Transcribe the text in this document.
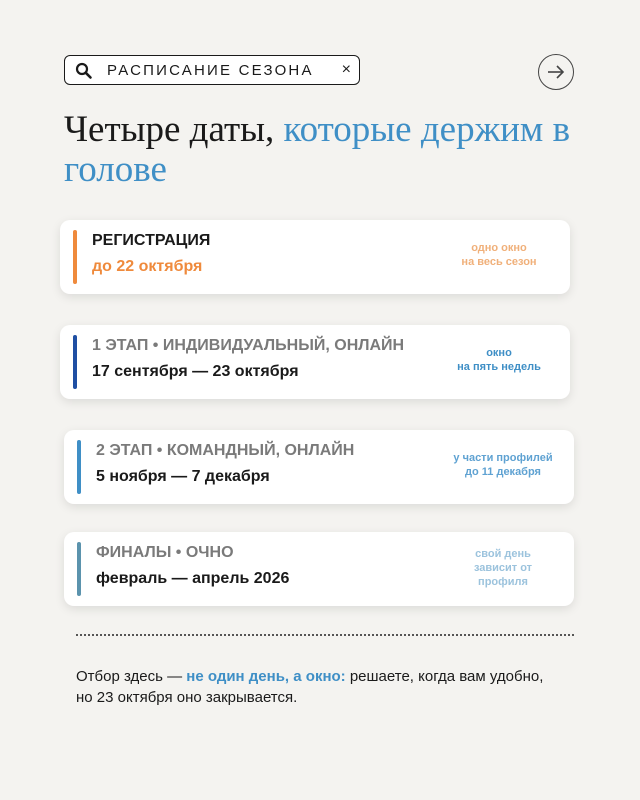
РАСПИСАНИЕ СЕЗОНА ×
Четыре даты, которые держим в голове
РЕГИСТРАЦИЯ
до 22 октября
одно окно
на весь сезон
1 ЭТАП • ИНДИВИДУАЛЬНЫЙ, ОНЛАЙН
17 сентября — 23 октября
окно
на пять недель
2 ЭТАП • КОМАНДНЫЙ, ОНЛАЙН
5 ноября — 7 декабря
у части профилей
до 11 декабря
ФИНАЛЫ • ОЧНО
февраль — апрель 2026
свой день
зависит от
профиля
Отбор здесь — не один день, а окно: решаете, когда вам удобно, но 23 октября оно закрывается.
